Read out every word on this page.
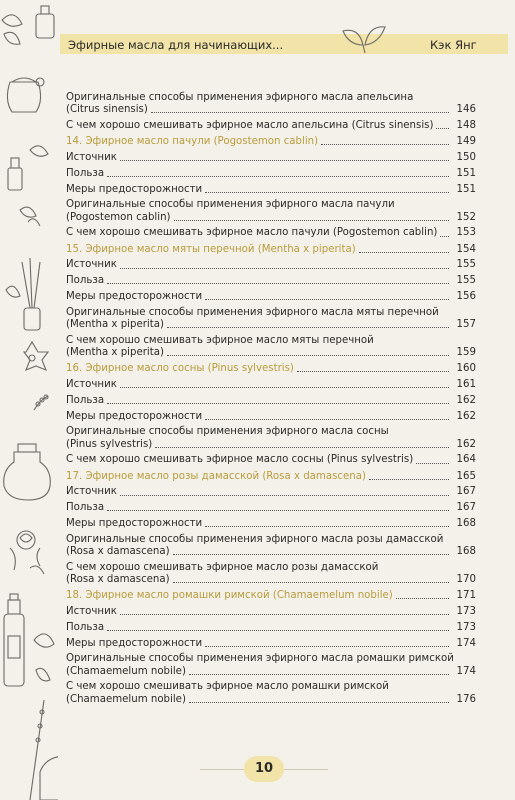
Эфирные масла для начинающих...	Кэк Янг
Оригинальные способы применения эфирного масла апельсина
(Citrus sinensis)	146
С чем хорошо смешивать эфирное масло апельсина (Citrus sinensis)	148
14. Эфирное масло пачули (Pogostemon cablin)	149
Источник	150
Польза	151
Меры предосторожности	151
Оригинальные способы применения эфирного масла пачули
(Pogostemon cablin)	152
С чем хорошо смешивать эфирное масло пачули (Pogostemon cablin)	153
15. Эфирное масло мяты перечной (Mentha x piperita)	154
Источник	155
Польза	155
Меры предосторожности	156
Оригинальные способы применения эфирного масла мяты перечной
(Mentha x piperita)	157
С чем хорошо смешивать эфирное масло мяты перечной
(Mentha x piperita)	159
16. Эфирное масло сосны (Pinus sylvestris)	160
Источник	161
Польза	162
Меры предосторожности	162
Оригинальные способы применения эфирного масла сосны
(Pinus sylvestris)	162
С чем хорошо смешивать эфирное масло сосны (Pinus sylvestris)	164
17. Эфирное масло розы дамасской (Rosa x damascena)	165
Источник	167
Польза	167
Меры предосторожности	168
Оригинальные способы применения эфирного масла розы дамасской
(Rosa x damascena)	168
С чем хорошо смешивать эфирное масло розы дамасской
(Rosa x damascena)	170
18. Эфирное масло ромашки римской (Chamaemelum nobile)	171
Источник	173
Польза	173
Меры предосторожности	174
Оригинальные способы применения эфирного масла ромашки римской
(Chamaemelum nobile)	174
С чем хорошо смешивать эфирное масло ромашки римской
(Chamaemelum nobile)	176
10
